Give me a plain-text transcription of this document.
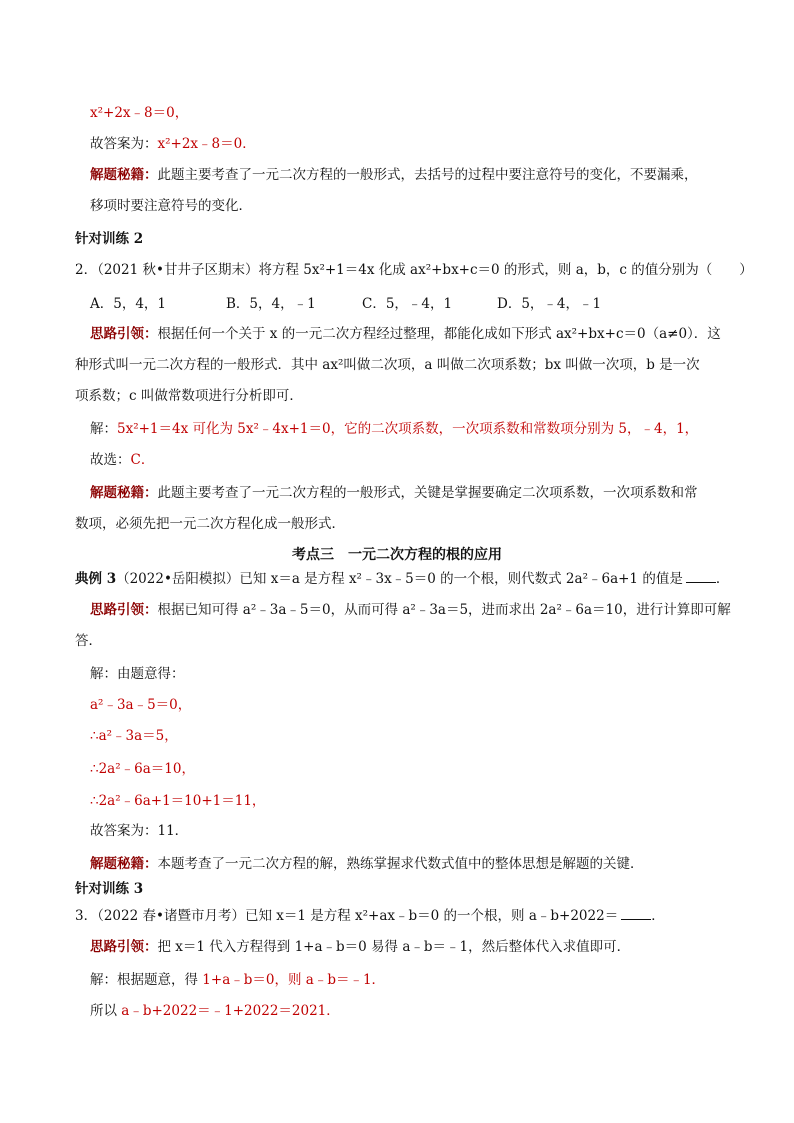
x²+2x﹣8＝0，
故答案为：x²+2x﹣8＝0．
解题秘籍：此题主要考查了一元二次方程的一般形式，去括号的过程中要注意符号的变化，不要漏乘，
移项时要注意符号的变化．
针对训练 2
2．（2021 秋•甘井子区期末）将方程 5x²+1＝4x 化成 ax²+bx+c＝0 的形式，则 a，b，c 的值分别为（　　）
A．5，4，1	B．5，4，﹣1	C．5，﹣4，1	D．5，﹣4，﹣1
思路引领：根据任何一个关于 x 的一元二次方程经过整理，都能化成如下形式 ax²+bx+c＝0（a≠0）．这
种形式叫一元二次方程的一般形式．其中 ax²叫做二次项，a 叫做二次项系数；bx 叫做一次项，b 是一次
项系数；c 叫做常数项进行分析即可．
解：5x²+1＝4x 可化为 5x²﹣4x+1＝0，它的二次项系数，一次项系数和常数项分别为 5，﹣4，1，
故选：C．
解题秘籍：此题主要考查了一元二次方程的一般形式，关键是掌握要确定二次项系数，一次项系数和常
数项，必须先把一元二次方程化成一般形式．
考点三　一元二次方程的根的应用
典例 3（2022•岳阳模拟）已知 x＝a 是方程 x²﹣3x﹣5＝0 的一个根，则代数式 2a²﹣6a+1 的值是 ．
思路引领：根据已知可得 a²﹣3a﹣5＝0，从而可得 a²﹣3a＝5，进而求出 2a²﹣6a＝10，进行计算即可解
答．
解：由题意得：
a²﹣3a﹣5＝0，
∴a²﹣3a＝5，
∴2a²﹣6a＝10，
∴2a²﹣6a+1＝10+1＝11，
故答案为：11．
解题秘籍：本题考查了一元二次方程的解，熟练掌握求代数式值中的整体思想是解题的关键．
针对训练 3
3．（2022 春•诸暨市月考）已知 x＝1 是方程 x²+ax﹣b＝0 的一个根，则 a﹣b+2022＝ ．
思路引领：把 x＝1 代入方程得到 1+a﹣b＝0 易得 a﹣b＝﹣1，然后整体代入求值即可．
解：根据题意，得 1+a﹣b＝0，则 a﹣b＝﹣1．
所以 a﹣b+2022＝﹣1+2022＝2021．
